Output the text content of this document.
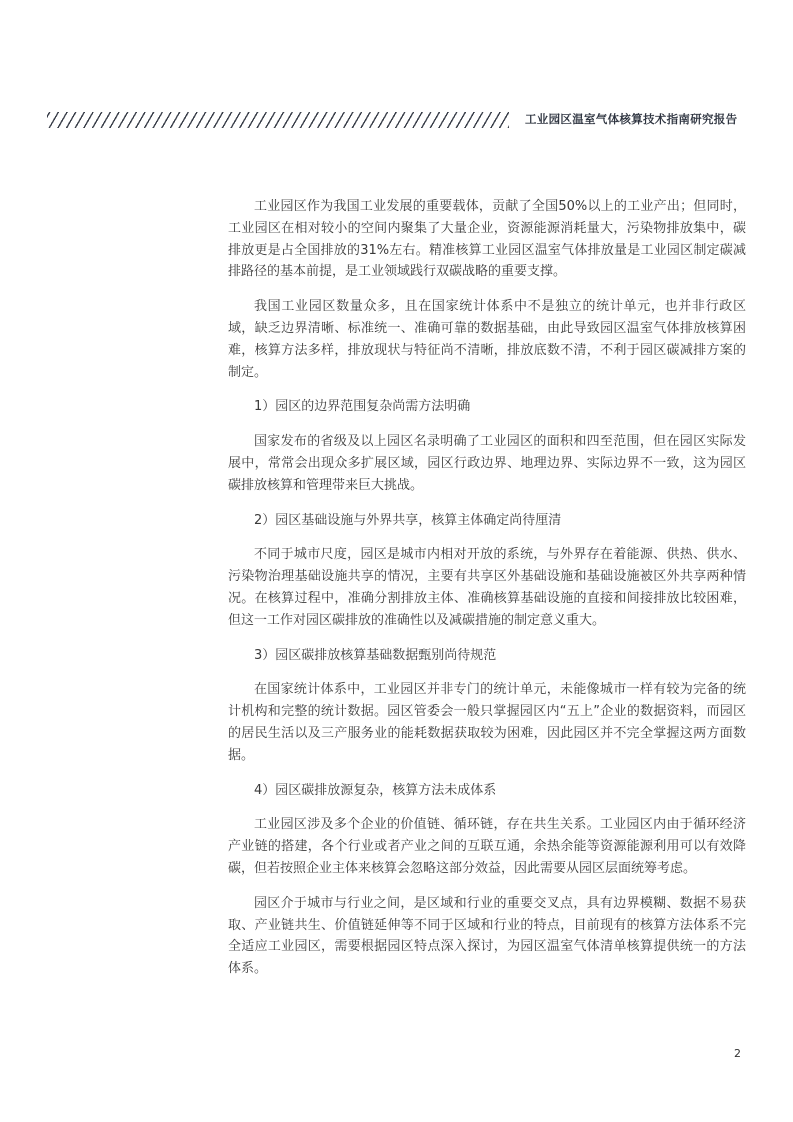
工业园区温室气体核算技术指南研究报告

工业园区作为我国工业发展的重要载体，贡献了全国50%以上的工业产出；但同时，工业园区在相对较小的空间内聚集了大量企业，资源能源消耗量大，污染物排放集中，碳排放更是占全国排放的31%左右。精准核算工业园区温室气体排放量是工业园区制定碳减排路径的基本前提，是工业领域践行双碳战略的重要支撑。

我国工业园区数量众多，且在国家统计体系中不是独立的统计单元，也并非行政区域，缺乏边界清晰、标准统一、准确可靠的数据基础，由此导致园区温室气体排放核算困难，核算方法多样，排放现状与特征尚不清晰，排放底数不清，不利于园区碳减排方案的制定。

1）园区的边界范围复杂尚需方法明确

国家发布的省级及以上园区名录明确了工业园区的面积和四至范围，但在园区实际发展中，常常会出现众多扩展区域，园区行政边界、地理边界、实际边界不一致，这为园区碳排放核算和管理带来巨大挑战。

2）园区基础设施与外界共享，核算主体确定尚待厘清

不同于城市尺度，园区是城市内相对开放的系统，与外界存在着能源、供热、供水、污染物治理基础设施共享的情况，主要有共享区外基础设施和基础设施被区外共享两种情况。在核算过程中，准确分割排放主体、准确核算基础设施的直接和间接排放比较困难，但这一工作对园区碳排放的准确性以及减碳措施的制定意义重大。

3）园区碳排放核算基础数据甄别尚待规范

在国家统计体系中，工业园区并非专门的统计单元，未能像城市一样有较为完备的统计机构和完整的统计数据。园区管委会一般只掌握园区内“五上”企业的数据资料，而园区的居民生活以及三产服务业的能耗数据获取较为困难，因此园区并不完全掌握这两方面数据。

4）园区碳排放源复杂，核算方法未成体系

工业园区涉及多个企业的价值链、循环链，存在共生关系。工业园区内由于循环经济产业链的搭建，各个行业或者产业之间的互联互通，余热余能等资源能源利用可以有效降碳，但若按照企业主体来核算会忽略这部分效益，因此需要从园区层面统筹考虑。

园区介于城市与行业之间，是区域和行业的重要交叉点，具有边界模糊、数据不易获取、产业链共生、价值链延伸等不同于区域和行业的特点，目前现有的核算方法体系不完全适应工业园区，需要根据园区特点深入探讨，为园区温室气体清单核算提供统一的方法体系。

2
